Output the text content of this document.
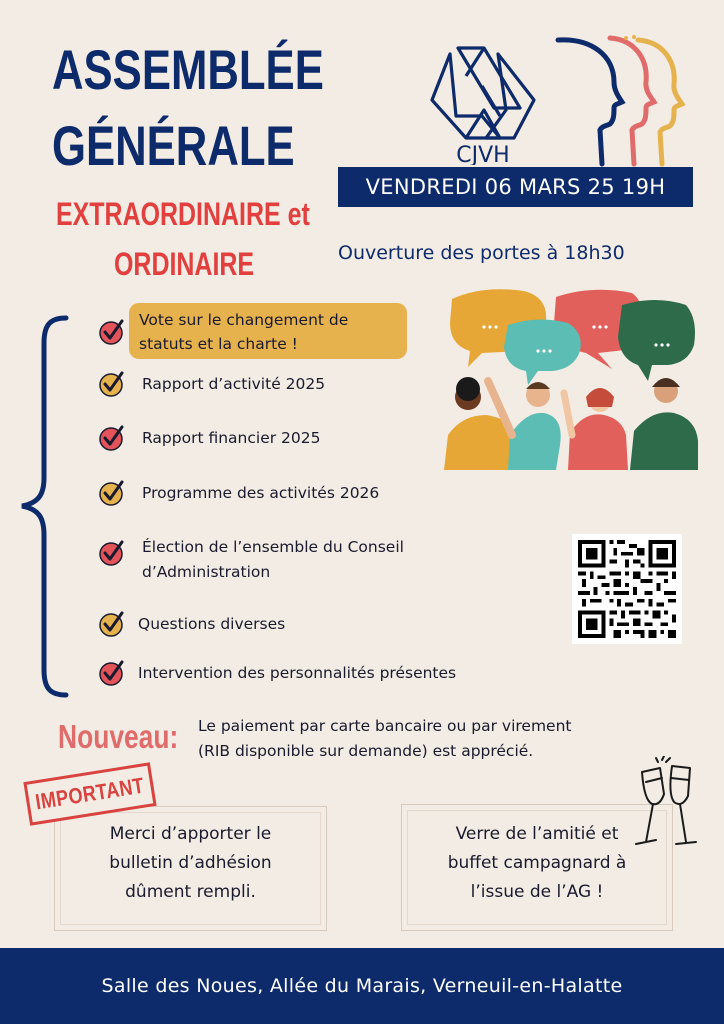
ASSEMBLÉE
GÉNÉRALE
EXTRAORDINAIRE et
ORDINAIRE
CJVH
VENDREDI 06 MARS 25 19H
Ouverture des portes à 18h30
Vote sur le changement de
statuts et la charte !
Rapport d’activité 2025
Rapport financier 2025
Programme des activités 2026
Élection de l’ensemble du Conseil
d’Administration
Questions diverses
Intervention des personnalités présentes
Nouveau: Le paiement par carte bancaire ou par virement
(RIB disponible sur demande) est apprécié.
Merci d’apporter le
bulletin d’adhésion
dûment rempli.
IMPORTANT
Verre de l’amitié et
buffet campagnard à
l’issue de l’AG !
Salle des Noues, Allée du Marais, Verneuil-en-Halatte
